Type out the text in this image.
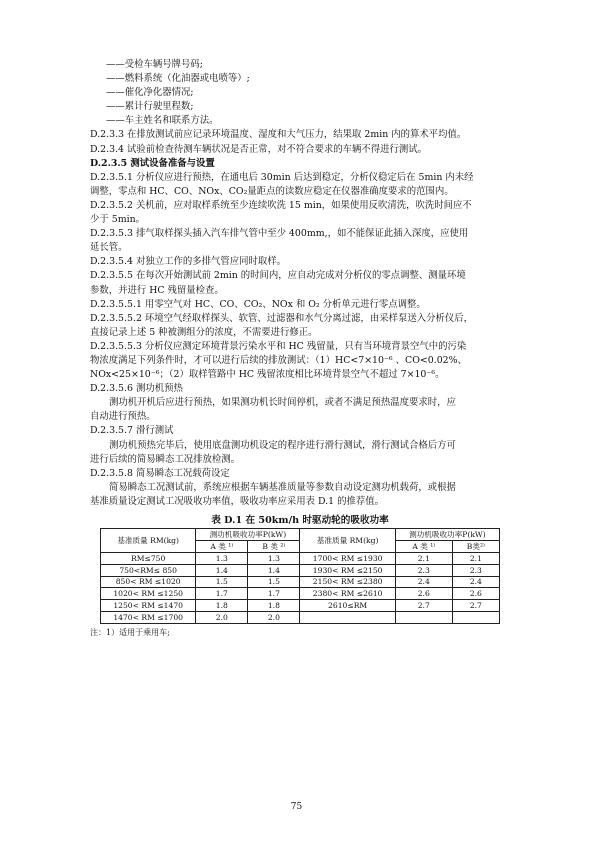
——受检车辆号牌号码;
——燃料系统（化油器或电喷等）;
——催化净化器情况;
——累计行驶里程数;
——车主姓名和联系方法。
D.2.3.3 在排放测试前应记录环境温度、湿度和大气压力，结果取 2min 内的算术平均值。
D.2.3.4 试验前检查待测车辆状况是否正常，对不符合要求的车辆不得进行测试。
D.2.3.5 测试设备准备与设置
D.2.3.5.1 分析仪应进行预热，在通电后 30min 后达到稳定，分析仪稳定后在 5min 内未经
调整，零点和 HC、CO、NOx、CO₂量距点的读数应稳定在仪器准确度要求的范围内。
D.2.3.5.2 关机前，应对取样系统至少连续吹洗 15 min，如果使用反吹清洗，吹洗时间应不
少于 5min。
D.2.3.5.3 排气取样探头插入汽车排气管中至少 400mm,，如不能保证此插入深度，应使用
延长管。
D.2.3.5.4 对独立工作的多排气管应同时取样。
D.2.3.5.5 在每次开始测试前 2min 的时间内，应自动完成对分析仪的零点调整、测量环境
参数，并进行 HC 残留量检查。
D.2.3.5.5.1 用零空气对 HC、CO、CO₂、NOx 和 O₂ 分析单元进行零点调整。
D.2.3.5.5.2 环境空气经取样探头、软管、过滤器和水气分离过滤，由采样泵送入分析仪后，
直接记录上述 5 种被测组分的浓度，不需要进行修正。
D.2.3.5.5.3 分析仪应测定环境背景污染水平和 HC 残留量，只有当环境背景空气中的污染
物浓度满足下列条件时，才可以进行后续的排放测试：（1）HC<7×10⁻⁶ 、CO<0.02%、
NOx<25×10⁻⁶；（2）取样管路中 HC 残留浓度相比环境背景空气不超过 7×10⁻⁶。
D.2.3.5.6 测功机预热
测功机开机后应进行预热，如果测功机长时间停机，或者不满足预热温度要求时，应
自动进行预热。
D.2.3.5.7 滑行测试
测功机预热完毕后，使用底盘测功机设定的程序进行滑行测试，滑行测试合格后方可
进行后续的简易瞬态工况排放检测。
D.2.3.5.8 简易瞬态工况载荷设定
简易瞬态工况测试前，系统应根据车辆基准质量等参数自动设定测功机载荷，或根据
基准质量设定测试工况吸收功率值，吸收功率应采用表 D.1 的推荐值。
表 D.1 在 50km/h 时驱动轮的吸收功率
基准质量 RM(kg)	测功机吸收功率P(kW)		基准质量 RM(kg)	测功机吸收功率P(kW)	
	A 类 ¹⁾	B 类 ²⁾		A 类 ¹⁾	B类²⁾
RM≤750	1.3	1.3	1700< RM ≤1930	2.1	2.1
750<RM≤ 850	1.4	1.4	1930< RM ≤2150	2.3	2.3
850< RM ≤1020	1.5	1.5	2150< RM ≤2380	2.4	2.4
1020< RM ≤1250	1.7	1.7	2380< RM ≤2610	2.6	2.6
1250< RM ≤1470	1.8	1.8	2610≤RM	2.7	2.7
1470< RM ≤1700	2.0	2.0			
注：1）适用于乘用车;
75
